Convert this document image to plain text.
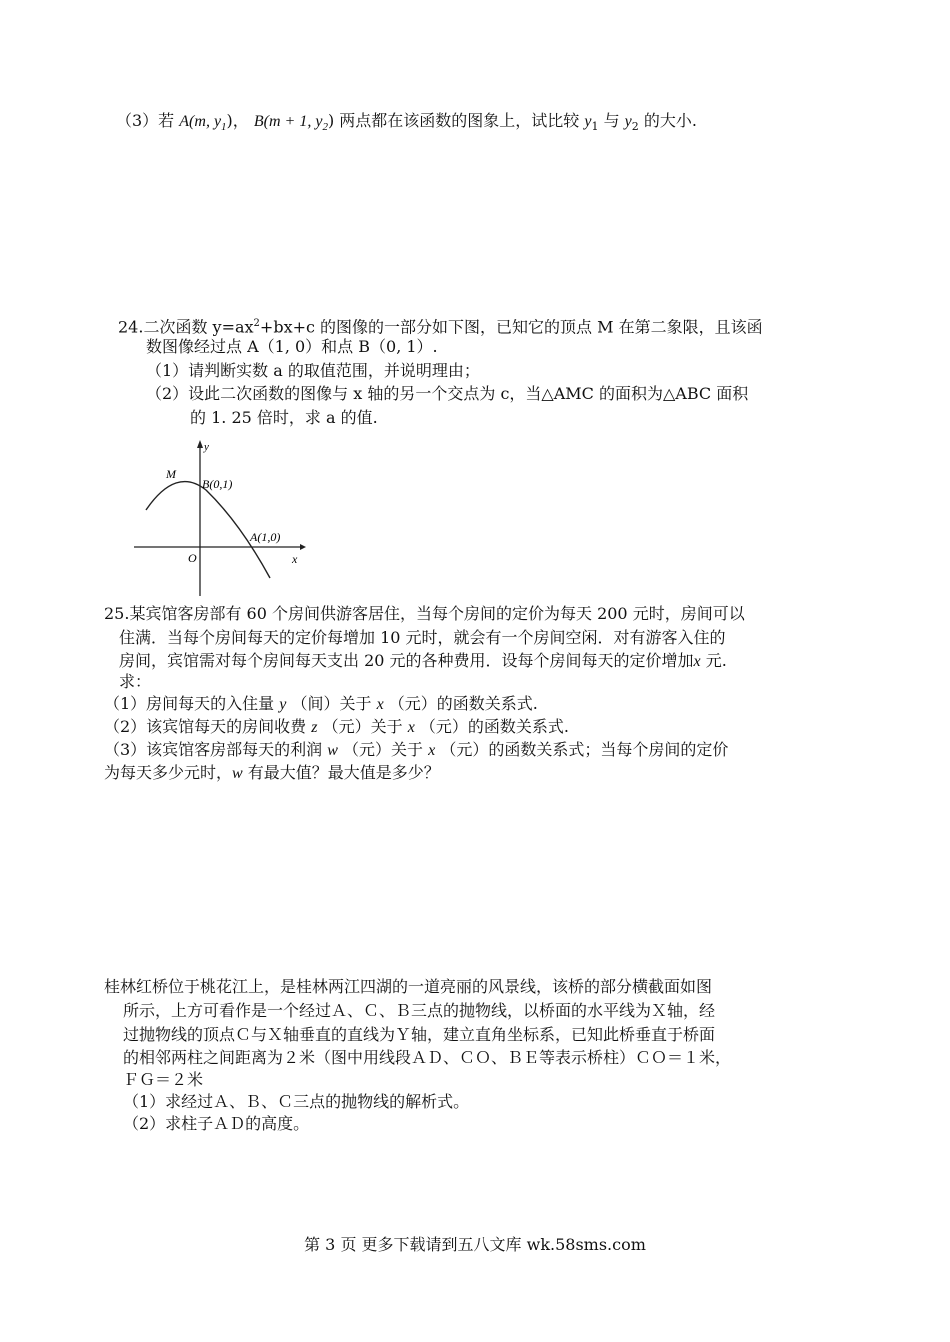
（3）若 A(m, $y_1$)， B(m + 1, $y_2$) 两点都在该函数的图象上，试比较 $y_1$ 与 $y_2$ 的大小.
24.二次函数 $y=ax^2+bx+c$ 的图像的一部分如下图，已知它的顶点 M 在第二象限，且该函
数图像经过点 A（1, 0）和点 B（0, 1）.
（1）请判断实数 a 的取值范围，并说明理由；
（2）设此二次函数的图像与 x 轴的另一个交点为 c，当△AMC 的面积为△ABC 面积
的 1. 25 倍时，求 a 的值.
y
x
O
M
B(0,1)
A(1,0)
25.某宾馆客房部有 60 个房间供游客居住，当每个房间的定价为每天 200 元时，房间可以
住满．当每个房间每天的定价每增加 10 元时，就会有一个房间空闲．对有游客入住的
房间，宾馆需对每个房间每天支出 20 元的各种费用．设每个房间每天的定价增加x 元.
求：
（1）房间每天的入住量 y （间）关于 x （元）的函数关系式.
（2）该宾馆每天的房间收费 z （元）关于 x （元）的函数关系式.
（3）该宾馆客房部每天的利润 w （元）关于 x （元）的函数关系式；当每个房间的定价
为每天多少元时，w 有最大值？最大值是多少？
桂林红桥位于桃花江上，是桂林两江四湖的一道亮丽的风景线，该桥的部分横截面如图
所示，上方可看作是一个经过Ａ、Ｃ、Ｂ三点的抛物线，以桥面的水平线为Ｘ轴，经
过抛物线的顶点Ｃ与Ｘ轴垂直的直线为Ｙ轴，建立直角坐标系，已知此桥垂直于桥面
的相邻两柱之间距离为２米（图中用线段ＡＤ、ＣＯ、ＢＥ等表示桥柱）ＣＯ＝１米，
ＦＧ＝２米
（1）求经过Ａ、Ｂ、Ｃ三点的抛物线的解析式。
（2）求柱子ＡＤ的高度。
第 3 页 更多下载请到五八文库 wk.58sms.com
